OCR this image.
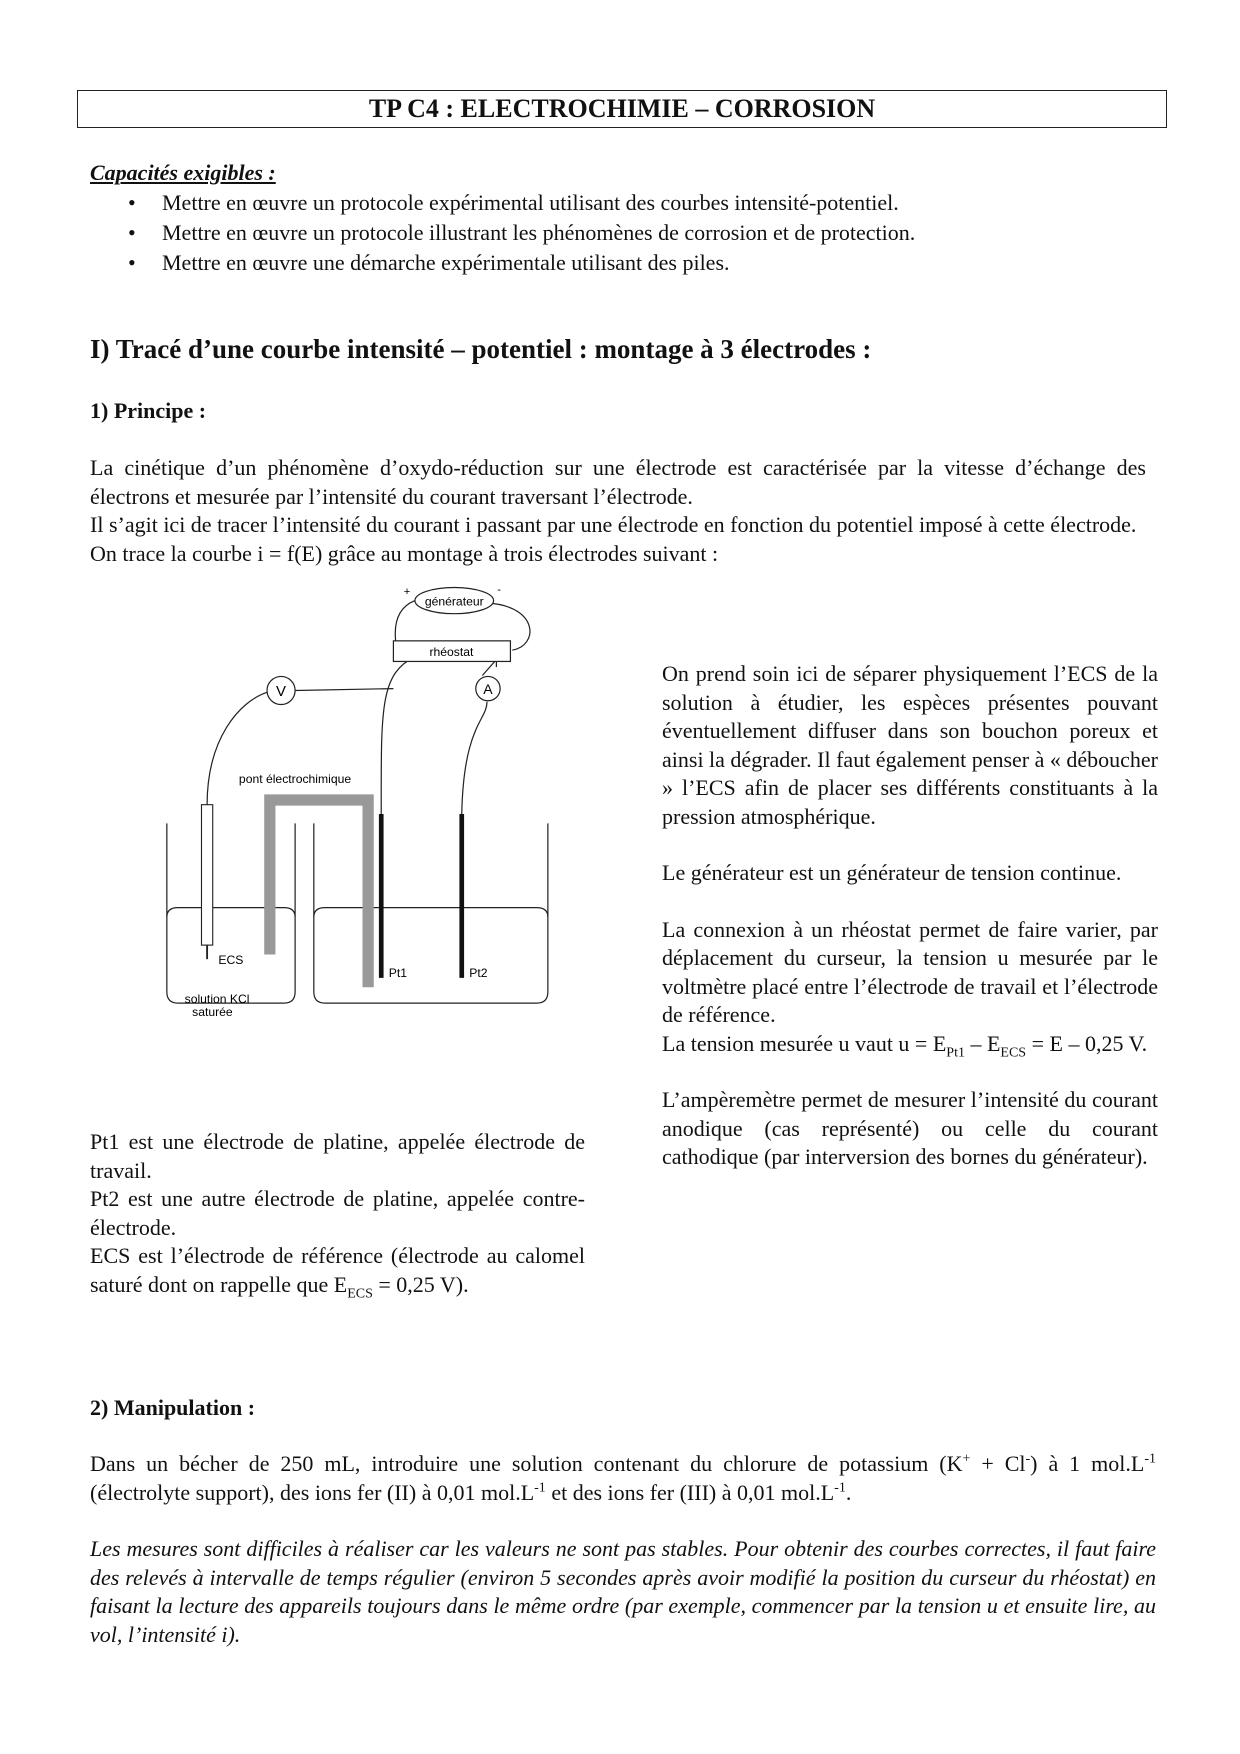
TP C4 : ELECTROCHIMIE – CORROSION
Capacités exigibles :
• Mettre en œuvre un protocole expérimental utilisant des courbes intensité-potentiel.
• Mettre en œuvre un protocole illustrant les phénomènes de corrosion et de protection.
• Mettre en œuvre une démarche expérimentale utilisant des piles.
I) Tracé d’une courbe intensité – potentiel : montage à 3 électrodes :
1) Principe :

La cinétique d’un phénomène d’oxydo-réduction sur une électrode est caractérisée par la vitesse d’échange des électrons et mesurée par l’intensité du courant traversant l’électrode.

Il s’agit ici de tracer l’intensité du courant i passant par une électrode en fonction du potentiel imposé à cette électrode.

On trace la courbe i = f(E) grâce au montage à trois électrodes suivant :

rhéostat
générateur
+	-
V	A
pont électrochimique
ECS
solution KCl
saturée
Pt1	Pt2

Pt1 est une électrode de platine, appelée électrode de travail.

Pt2 est une autre électrode de platine, appelée contre-électrode.

ECS est l’électrode de référence (électrode au calomel saturé dont on rappelle que $E_{ECS} = 0,25$ V).

On prend soin ici de séparer physiquement l’ECS de la solution à étudier, les espèces présentes pouvant éventuellement diffuser dans son bouchon poreux et ainsi la dégrader. Il faut également penser à « déboucher » l’ECS afin de placer ses différents constituants à la pression atmosphérique.

Le générateur est un générateur de tension continue.

La connexion à un rhéostat permet de faire varier, par déplacement du curseur, la tension u mesurée par le voltmètre placé entre l’électrode de travail et l’électrode de référence.

La tension mesurée u vaut $u = E_{Pt1} - E_{ECS} = E - 0,25$ V.

L’ampèremètre permet de mesurer l’intensité du courant anodique (cas représenté) ou celle du courant cathodique (par interversion des bornes du générateur).

2) Manipulation :

Dans un bécher de 250 mL, introduire une solution contenant du chlorure de potassium (K+ + Cl-) à 1 $mol.L^{-1}$ (électrolyte support), des ions fer (II) à 0,01 $mol.L^{-1}$ et des ions fer (III) à 0,01 $mol.L^{-1}$.

Les mesures sont difficiles à réaliser car les valeurs ne sont pas stables. Pour obtenir des courbes correctes, il faut faire des relevés à intervalle de temps régulier (environ 5 secondes après avoir modifié la position du curseur du rhéostat) en faisant la lecture des appareils toujours dans le même ordre (par exemple, commencer par la tension u et ensuite lire, au vol, l’intensité i).
